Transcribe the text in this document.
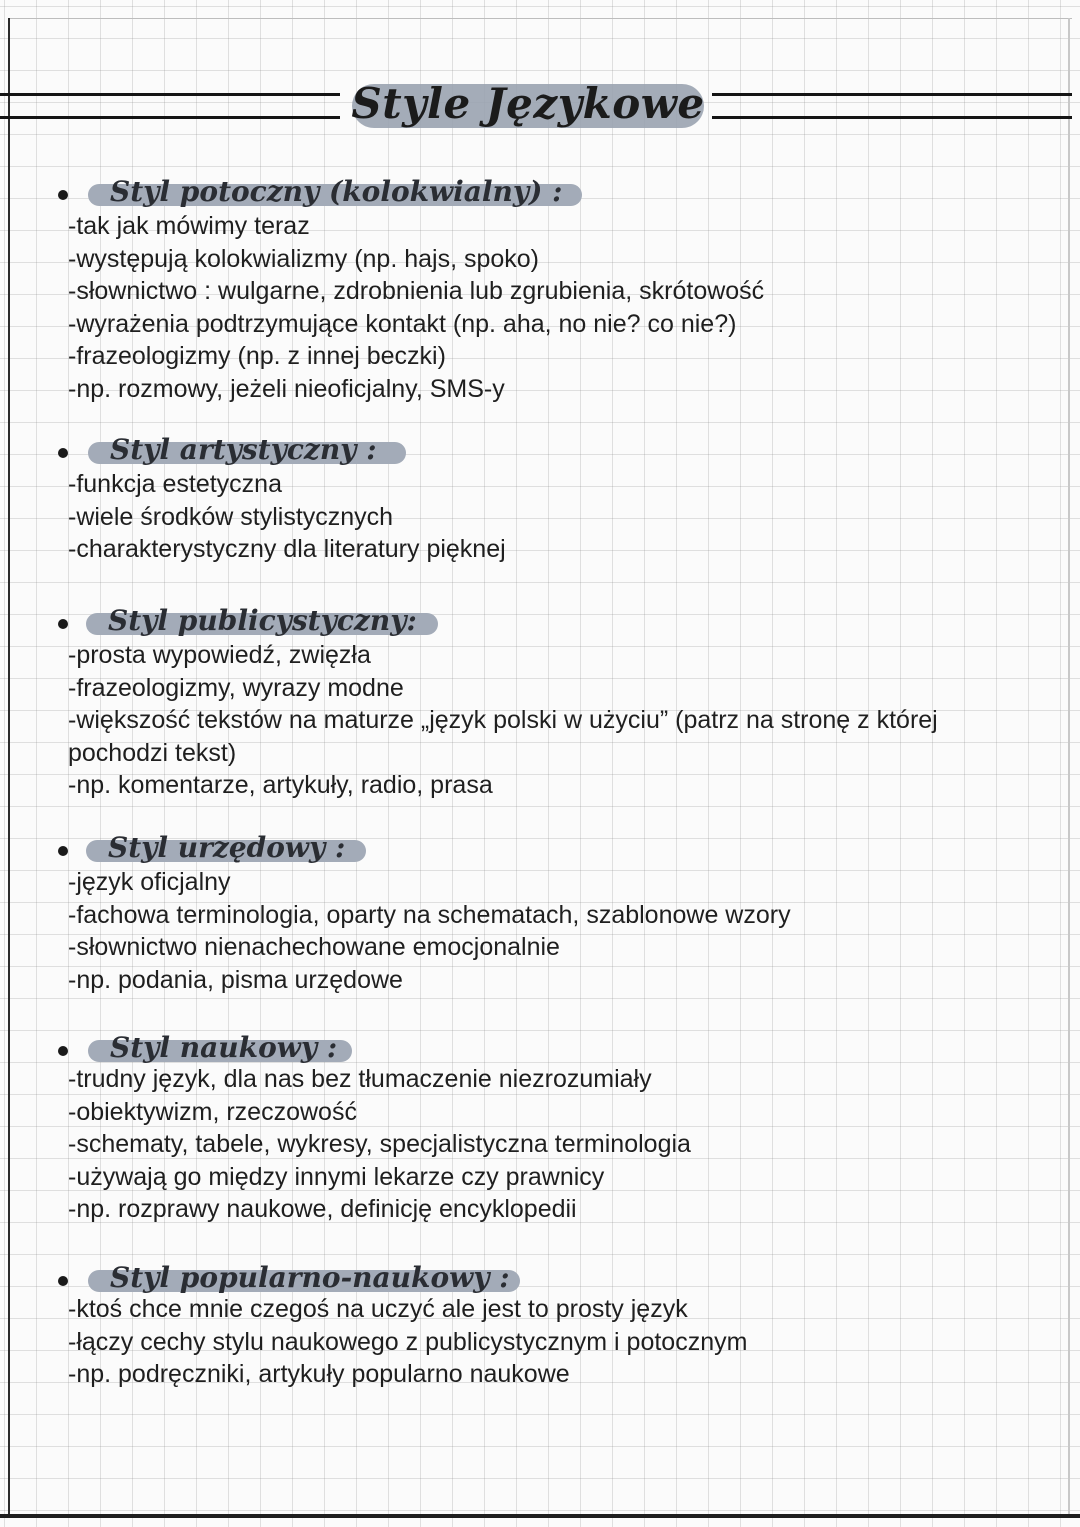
Style Językowe
Styl potoczny (kolokwialny) :
-tak jak mówimy teraz
-występują kolokwializmy (np. hajs, spoko)
-słownictwo : wulgarne, zdrobnienia lub zgrubienia, skrótowość
-wyrażenia podtrzymujące kontakt (np. aha, no nie? co nie?)
-frazeologizmy (np. z innej beczki)
-np. rozmowy, jeżeli nieoficjalny, SMS-y
Styl artystyczny :
-funkcja estetyczna
-wiele środków stylistycznych
-charakterystyczny dla literatury pięknej
Styl publicystyczny:
-prosta wypowiedź, zwięzła
-frazeologizmy, wyrazy modne
-większość tekstów na maturze „język polski w użyciu” (patrz na stronę z której pochodzi tekst)
-np. komentarze, artykuły, radio, prasa
Styl urzędowy :
-język oficjalny
-fachowa terminologia, oparty na schematach, szablonowe wzory
-słownictwo nienachechowane emocjonalnie
-np. podania, pisma urzędowe
Styl naukowy :
-trudny język, dla nas bez tłumaczenie niezrozumiały
-obiektywizm, rzeczowość
-schematy, tabele, wykresy, specjalistyczna terminologia
-używają go między innymi lekarze czy prawnicy
-np. rozprawy naukowe, definicję encyklopedii
Styl popularno-naukowy :
-ktoś chce mnie czegoś na uczyć ale jest to prosty język
-łączy cechy stylu naukowego z publicystycznym i potocznym
-np. podręczniki, artykuły popularno naukowe
